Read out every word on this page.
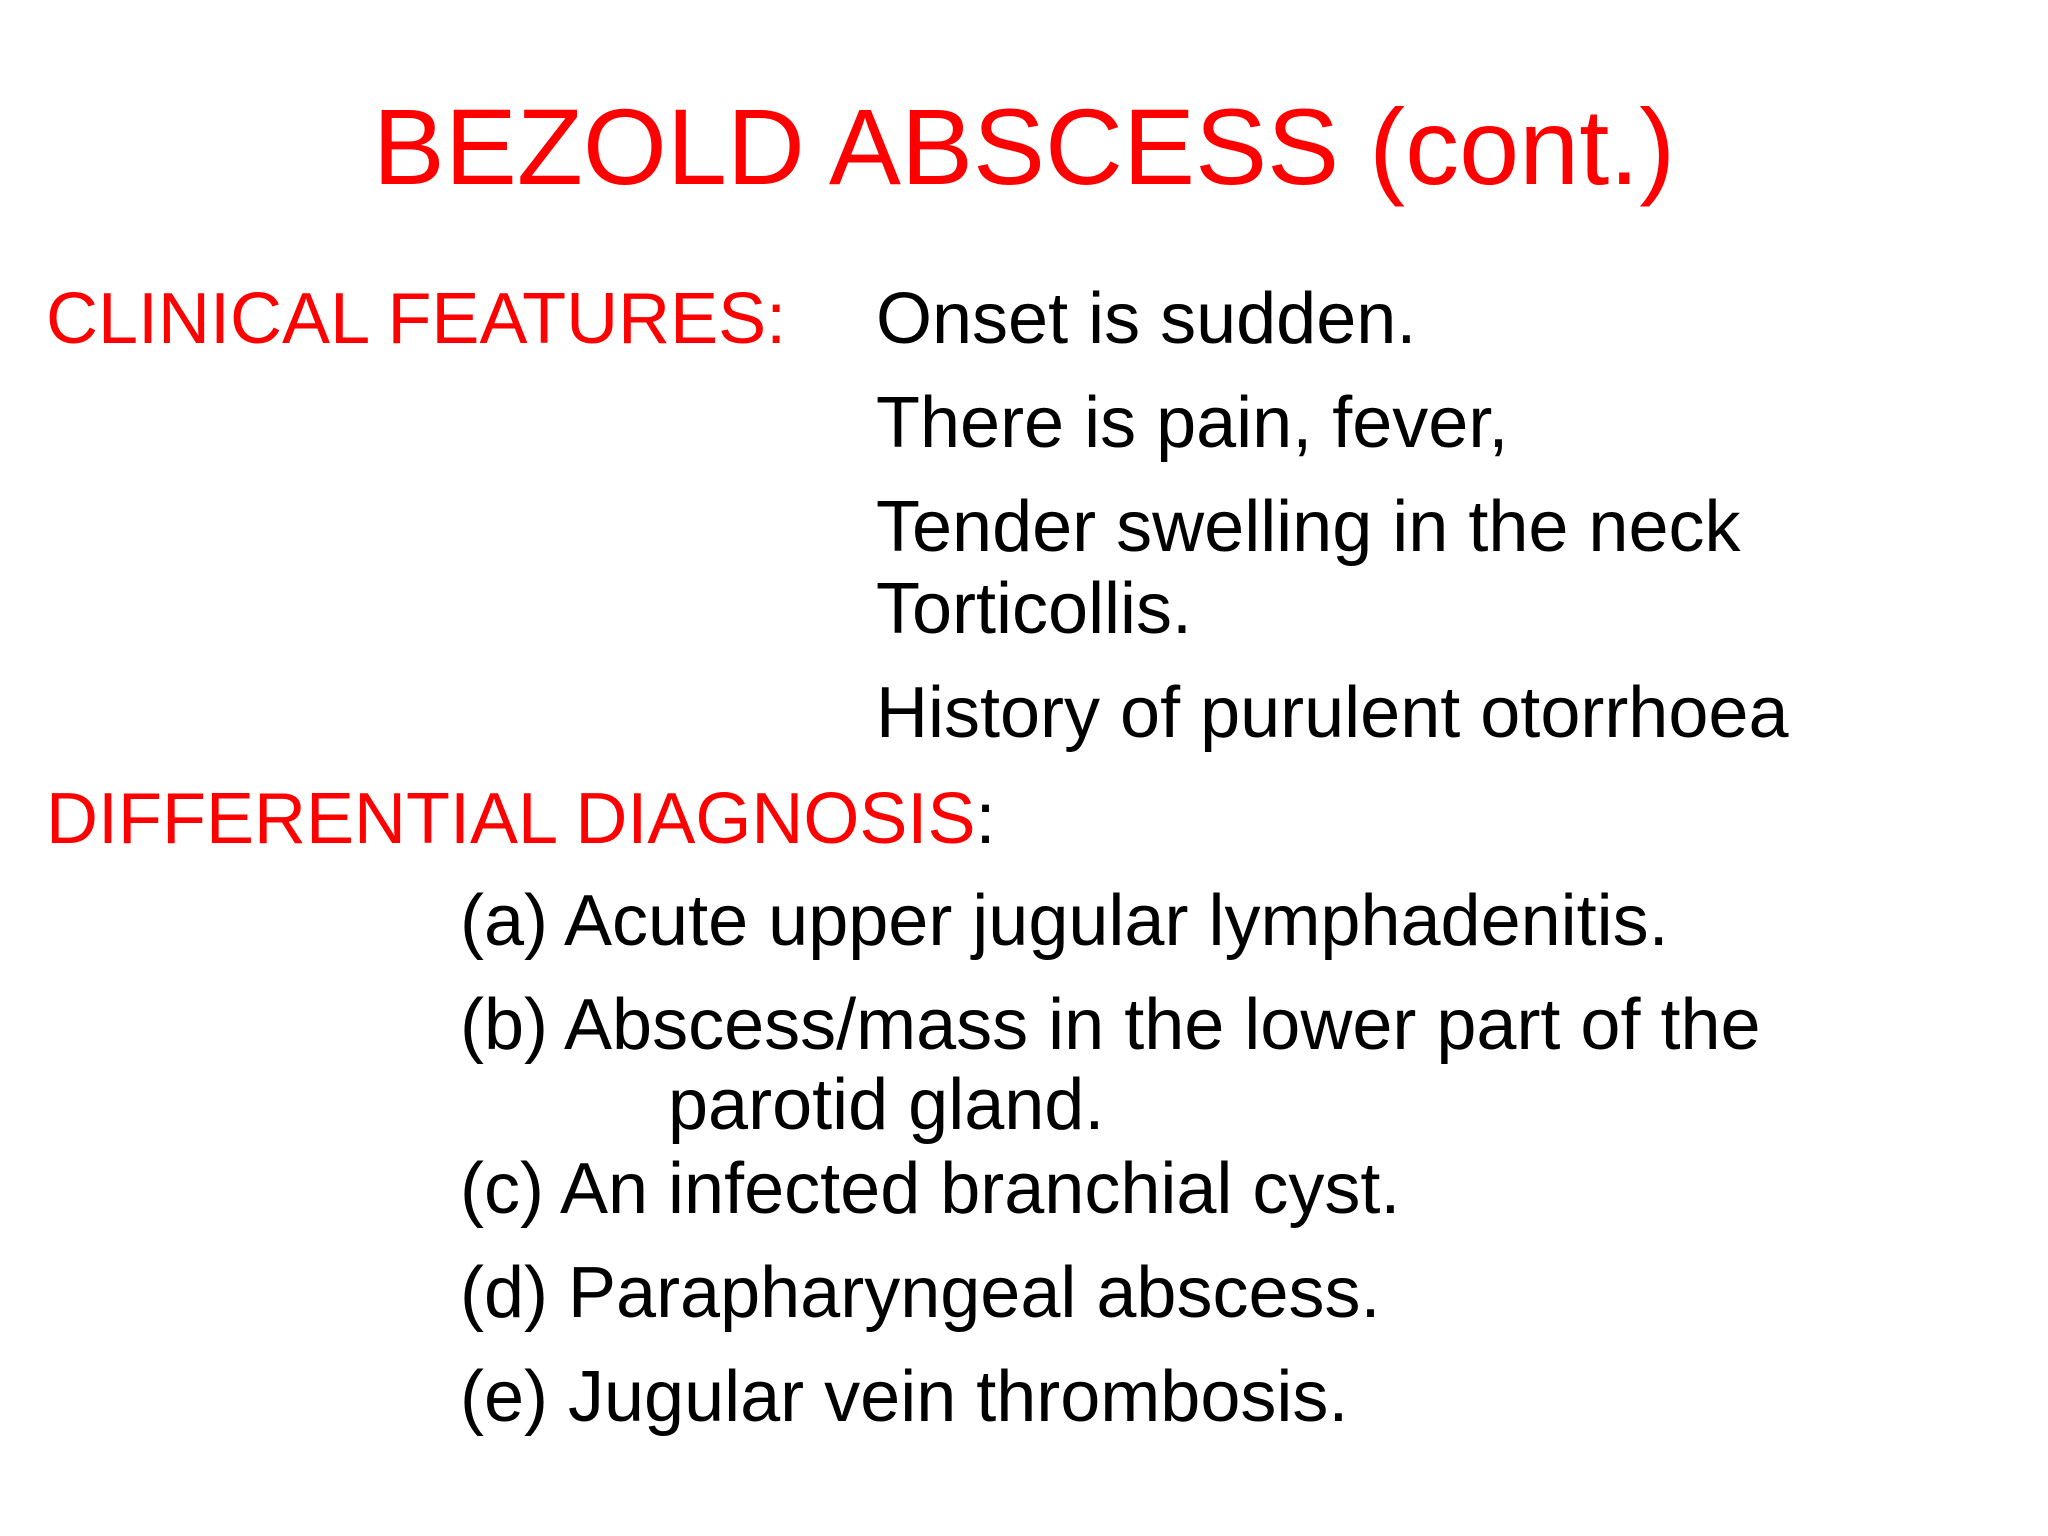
BEZOLD ABSCESS (cont.)
CLINICAL FEATURES: Onset is sudden.
There is pain, fever,
Tender swelling in the neck
Torticollis.
History of purulent otorrhoea
DIFFERENTIAL DIAGNOSIS:
(a) Acute upper jugular lymphadenitis.
(b) Abscess/mass in the lower part of the
parotid gland.
(c) An infected branchial cyst.
(d) Parapharyngeal abscess.
(e) Jugular vein thrombosis.
